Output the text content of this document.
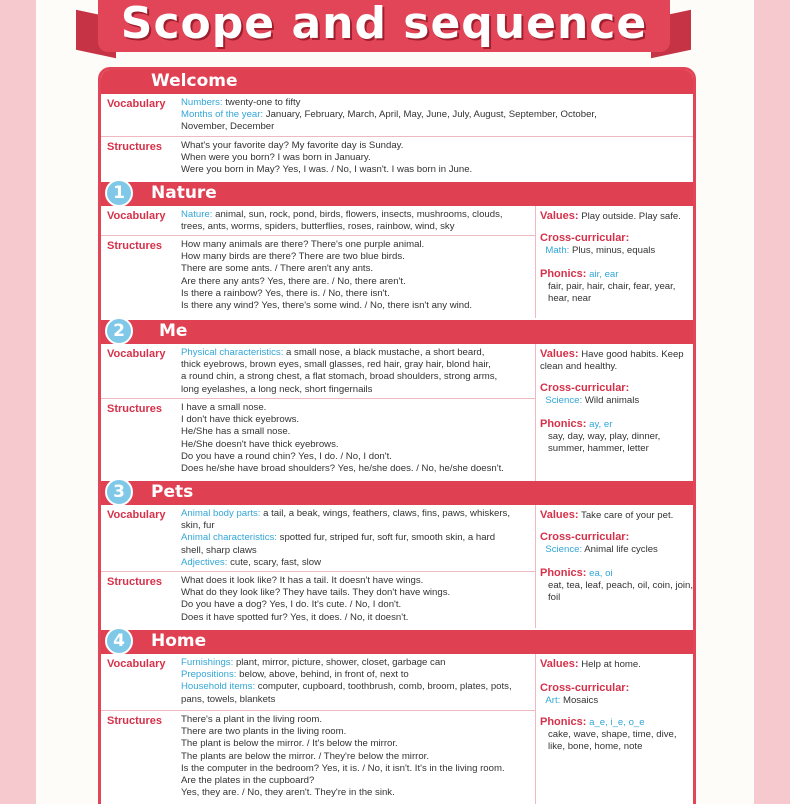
Scope and sequence
Welcome
Vocabulary Numbers: twenty-one to fifty
Months of the year: January, February, March, April, May, June, July, August, September, October,
November, December
Structures What's your favorite day? My favorite day is Sunday.
When were you born? I was born in January.
Were you born in May? Yes, I was. / No, I wasn't. I was born in June.
1	Nature
Vocabulary Nature: animal, sun, rock, pond, birds, flowers, insects, mushrooms, clouds,
trees, ants, worms, spiders, butterflies, roses, rainbow, wind, sky
Structures How many animals are there? There's one purple animal.
How many birds are there? There are two blue birds.
There are some ants. / There aren't any ants.
Are there any ants? Yes, there are. / No, there aren't.
Is there a rainbow? Yes, there is. / No, there isn't.
Is there any wind? Yes, there's some wind. / No, there isn't any wind.
Values: Play outside. Play safe.
Cross-curricular:
Math: Plus, minus, equals
Phonics: air, ear

fair, pair, hair, chair, fear, year, hear, near
2	Me
Vocabulary Physical characteristics: a small nose, a black mustache, a short beard,
thick eyebrows, brown eyes, small glasses, red hair, gray hair, blond hair,
a round chin, a strong chest, a flat stomach, broad shoulders, strong arms,
long eyelashes, a long neck, short fingernails
Structures I have a small nose.
I don't have thick eyebrows.
He/She has a small nose.
He/She doesn't have thick eyebrows.
Do you have a round chin? Yes, I do. / No, I don't.
Does he/she have broad shoulders? Yes, he/she does. / No, he/she doesn't.
Values: Have good habits. Keep clean and healthy.
Cross-curricular:
Science: Wild animals
Phonics: ay, er

say, day, way, play, dinner, summer, hammer, letter
3	Pets
Vocabulary Animal body parts: a tail, a beak, wings, feathers, claws, fins, paws, whiskers,
skin, fur
Animal characteristics: spotted fur, striped fur, soft fur, smooth skin, a hard
shell, sharp claws
Adjectives: cute, scary, fast, slow
Structures What does it look like? It has a tail. It doesn't have wings.
What do they look like? They have tails. They don't have wings.
Do you have a dog? Yes, I do. It's cute. / No, I don't.
Does it have spotted fur? Yes, it does. / No, it doesn't.
Values: Take care of your pet.
Cross-curricular:
Science: Animal life cycles
Phonics: ea, oi

eat, tea, leaf, peach, oil, coin, join, foil
4	Home
Vocabulary Furnishings: plant, mirror, picture, shower, closet, garbage can
Prepositions: below, above, behind, in front of, next to
Household items: computer, cupboard, toothbrush, comb, broom, plates, pots,
pans, towels, blankets
Structures There's a plant in the living room.
There are two plants in the living room.
The plant is below the mirror. / It's below the mirror.
The plants are below the mirror. / They're below the mirror.
Is the computer in the bedroom? Yes, it is. / No, it isn't. It's in the living room.
Are the plates in the cupboard?
Yes, they are. / No, they aren't. They're in the sink.
Values: Help at home.
Cross-curricular:
Art: Mosaics
Phonics: a_e, i_e, o_e

cake, wave, shape, time, dive, like, bone, home, note
